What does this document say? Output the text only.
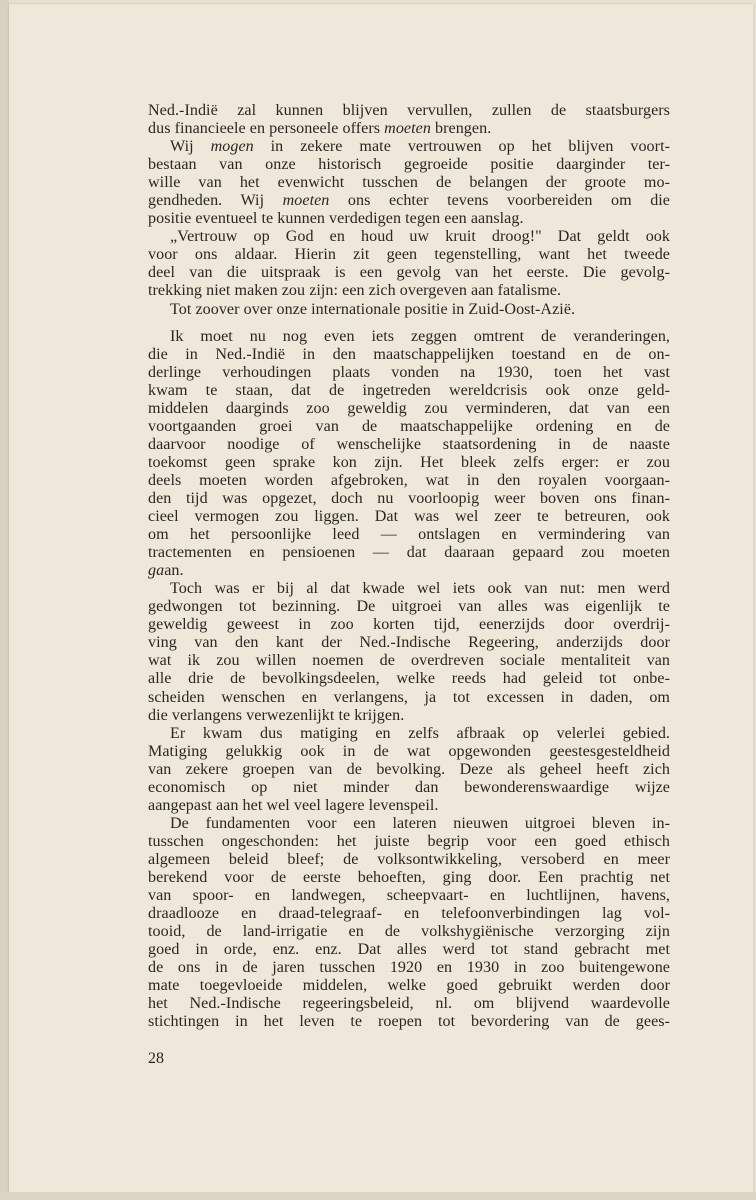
Ned.-Indië zal kunnen blijven vervullen, zullen de staatsburgers
dus financieele en personeele offers moeten brengen.
Wij mogen in zekere mate vertrouwen op het blijven voort-
bestaan van onze historisch gegroeide positie daarginder ter-
wille van het evenwicht tusschen de belangen der groote mo-
gendheden. Wij moeten ons echter tevens voorbereiden om die
positie eventueel te kunnen verdedigen tegen een aanslag.
„Vertrouw op God en houd uw kruit droog!" Dat geldt ook
voor ons aldaar. Hierin zit geen tegenstelling, want het tweede
deel van die uitspraak is een gevolg van het eerste. Die gevolg-
trekking niet maken zou zijn: een zich overgeven aan fatalisme.
Tot zoover over onze internationale positie in Zuid-Oost-Azië.
Ik moet nu nog even iets zeggen omtrent de veranderingen,
die in Ned.-Indië in den maatschappelijken toestand en de on-
derlinge verhoudingen plaats vonden na 1930, toen het vast
kwam te staan, dat de ingetreden wereldcrisis ook onze geld-
middelen daarginds zoo geweldig zou verminderen, dat van een
voortgaanden groei van de maatschappelijke ordening en de
daarvoor noodige of wenschelijke staatsordening in de naaste
toekomst geen sprake kon zijn. Het bleek zelfs erger: er zou
deels moeten worden afgebroken, wat in den royalen voorgaan-
den tijd was opgezet, doch nu voorloopig weer boven ons finan-
cieel vermogen zou liggen. Dat was wel zeer te betreuren, ook
om het persoonlijke leed — ontslagen en vermindering van
tractementen en pensioenen — dat daaraan gepaard zou moeten
gaan.
Toch was er bij al dat kwade wel iets ook van nut: men werd
gedwongen tot bezinning. De uitgroei van alles was eigenlijk te
geweldig geweest in zoo korten tijd, eenerzijds door overdrij-
ving van den kant der Ned.-Indische Regeering, anderzijds door
wat ik zou willen noemen de overdreven sociale mentaliteit van
alle drie de bevolkingsdeelen, welke reeds had geleid tot onbe-
scheiden wenschen en verlangens, ja tot excessen in daden, om
die verlangens verwezenlijkt te krijgen.
Er kwam dus matiging en zelfs afbraak op velerlei gebied.
Matiging gelukkig ook in de wat opgewonden geestesgesteldheid
van zekere groepen van de bevolking. Deze als geheel heeft zich
economisch op niet minder dan bewonderenswaardige wijze
aangepast aan het wel veel lagere levenspeil.
De fundamenten voor een lateren nieuwen uitgroei bleven in-
tusschen ongeschonden: het juiste begrip voor een goed ethisch
algemeen beleid bleef; de volksontwikkeling, versoberd en meer
berekend voor de eerste behoeften, ging door. Een prachtig net
van spoor- en landwegen, scheepvaart- en luchtlijnen, havens,
draadlooze en draad-telegraaf- en telefoonverbindingen lag vol-
tooid, de land-irrigatie en de volkshygiënische verzorging zijn
goed in orde, enz. enz. Dat alles werd tot stand gebracht met
de ons in de jaren tusschen 1920 en 1930 in zoo buitengewone
mate toegevloeide middelen, welke goed gebruikt werden door
het Ned.-Indische regeeringsbeleid, nl. om blijvend waardevolle
stichtingen in het leven te roepen tot bevordering van de gees-
28
